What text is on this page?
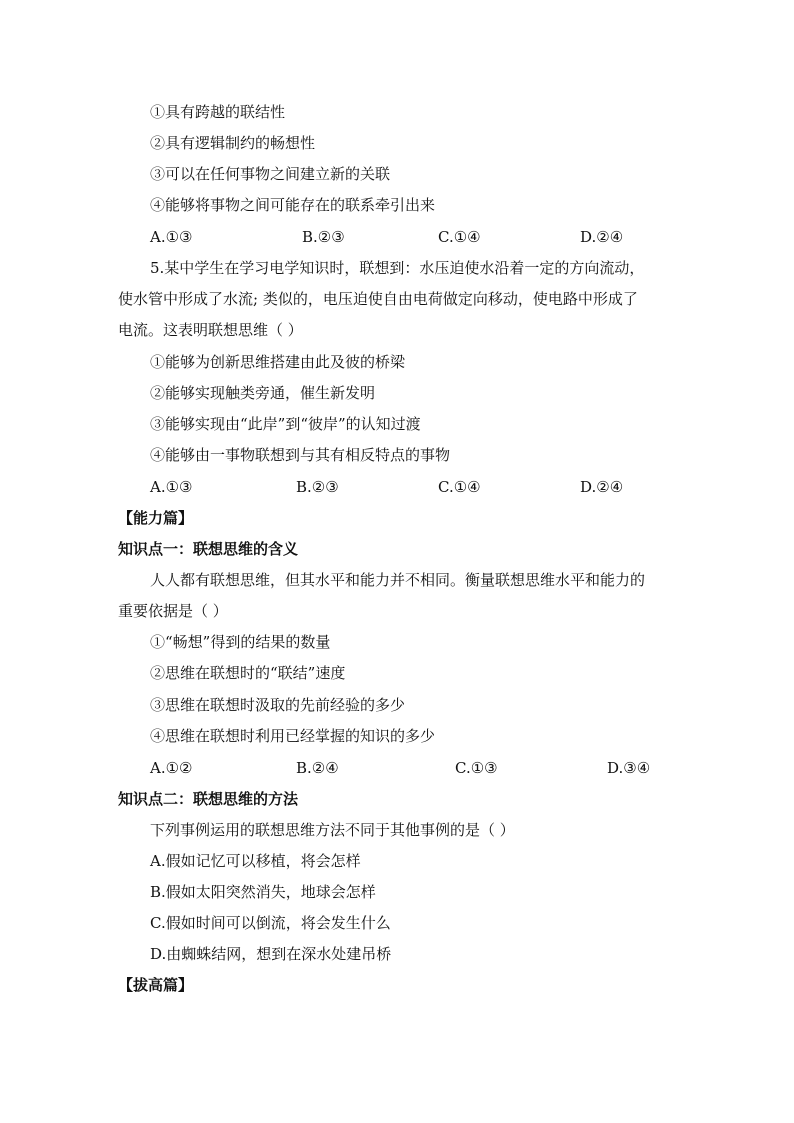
①具有跨越的联结性
②具有逻辑制约的畅想性
③可以在任何事物之间建立新的关联
④能够将事物之间可能存在的联系牵引出来
A.①③	B.②③	C.①④	D.②④
5.某中学生在学习电学知识时，联想到：水压迫使水沿着一定的方向流动，
使水管中形成了水流; 类似的，电压迫使自由电荷做定向移动，使电路中形成了
电流。这表明联想思维（ ）
①能够为创新思维搭建由此及彼的桥梁
②能够实现触类旁通，催生新发明
③能够实现由“此岸”到“彼岸”的认知过渡
④能够由一事物联想到与其有相反特点的事物
A.①③	B.②③	C.①④	D.②④
【能力篇】
知识点一：联想思维的含义
人人都有联想思维，但其水平和能力并不相同。衡量联想思维水平和能力的
重要依据是（ ）
①“畅想”得到的结果的数量
②思维在联想时的“联结”速度
③思维在联想时汲取的先前经验的多少
④思维在联想时利用已经掌握的知识的多少
A.①②	B.②④	C.①③	D.③④
知识点二：联想思维的方法
下列事例运用的联想思维方法不同于其他事例的是（ ）
A.假如记忆可以移植，将会怎样
B.假如太阳突然消失，地球会怎样
C.假如时间可以倒流，将会发生什么
D.由蜘蛛结网，想到在深水处建吊桥
【拔高篇】
